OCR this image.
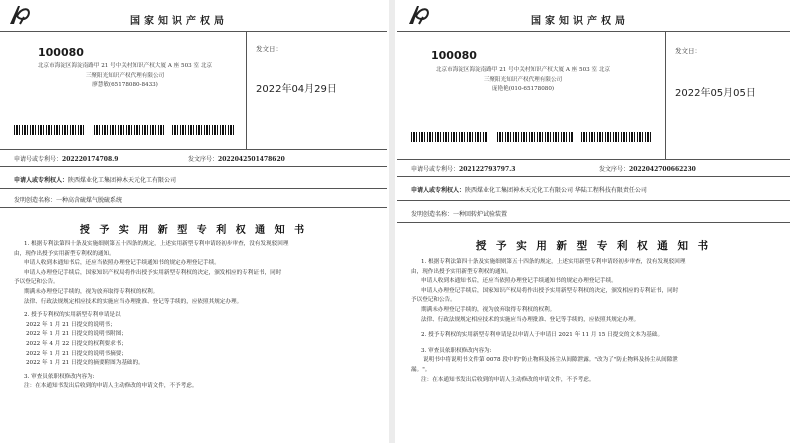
国家知识产权局
100080
北京市海淀区海淀南路甲 21 号中关村知识产权大厦 A 座 503 室 北京
三聚阳光知识产权代理有限公司
廖慧敏(65178080-8433)
发文日：
2022年04月29日
申请号或专利号：202220174708.9	发文序号：2022042501478620
申请人或专利权人：陕西煤业化工集团神木天元化工有限公司
发明创造名称：一种高含硫煤气脱硫系统
授 予 实 用 新 型 专 利 权 通 知 书

1. 根据专利法第四十条及实施细则第五十四条的规定，上述实用新型专利申请经初步审查，没有发现驳回理

由，现作出授予实用新型专利权的通知。

申请人收到本通知书后，还应当依照办理登记手续通知书的规定办理登记手续。

申请人办理登记手续后，国家知识产权局将作出授予实用新型专利权的决定，颁发相应的专利证书，同时

予以登记和公告。

期满未办理登记手续的，视为放弃取得专利权的权利。

法律、行政法规规定相应技术的实施应当办理批准、登记等手续的，应依照其规定办理。

2. 授予专利权的实用新型专利申请是以

2022 年 1 月 21 日提交的说明书；

2022 年 1 月 21 日提交的说明书附图；

2022 年 4 月 22 日提交的权利要求书；

2022 年 1 月 21 日提交的说明书摘要；

2022 年 1 月 21 日提交的摘要附图为基础的。

3. 审查员依职权修改内容为:

注：在本通知书发出后收到的申请人主动修改的申请文件，不予考虑。

国家知识产权局
100080
北京市海淀区海淀南路甲 21 号中关村知识产权大厦 A 座 503 室 北京
三聚阳光知识产权代理有限公司
庞艳艳(010-65178080)
发文日：
2022年05月05日
申请号或专利号：202122793797.3	发文序号：2022042700662230
申请人或专利权人：陕西煤业化工集团神木天元化工有限公司 华陆工程科技有限责任公司
发明创造名称：一种回转炉试验装置
授 予 实 用 新 型 专 利 权 通 知 书

1. 根据专利法第四十条及实施细则第五十四条的规定，上述实用新型专利申请经初步审查，没有发现驳回理

由，现作出授予实用新型专利权的通知。

申请人收到本通知书后，还应当依照办理登记手续通知书的规定办理登记手续。

申请人办理登记手续后，国家知识产权局将作出授予实用新型专利权的决定，颁发相应的专利证书，同时

予以登记和公告。

期满未办理登记手续的，视为放弃取得专利权的权利。

法律、行政法规规定相应技术的实施应当办理批准、登记等手续的，应依照其规定办理。

2. 授予专利权的实用新型专利申请是以申请人于申请日 2021 年 11 月 15 日提交的文本为基础。

3. 审查员依职权修改内容为:

说明书中将说明书文件第 0078 段中的"防止物料及扬尘从间隙泄露。"改为了"防止物料及扬尘从间隙泄

漏。"。

注：在本通知书发出后收到的申请人主动修改的申请文件，不予考虑。
